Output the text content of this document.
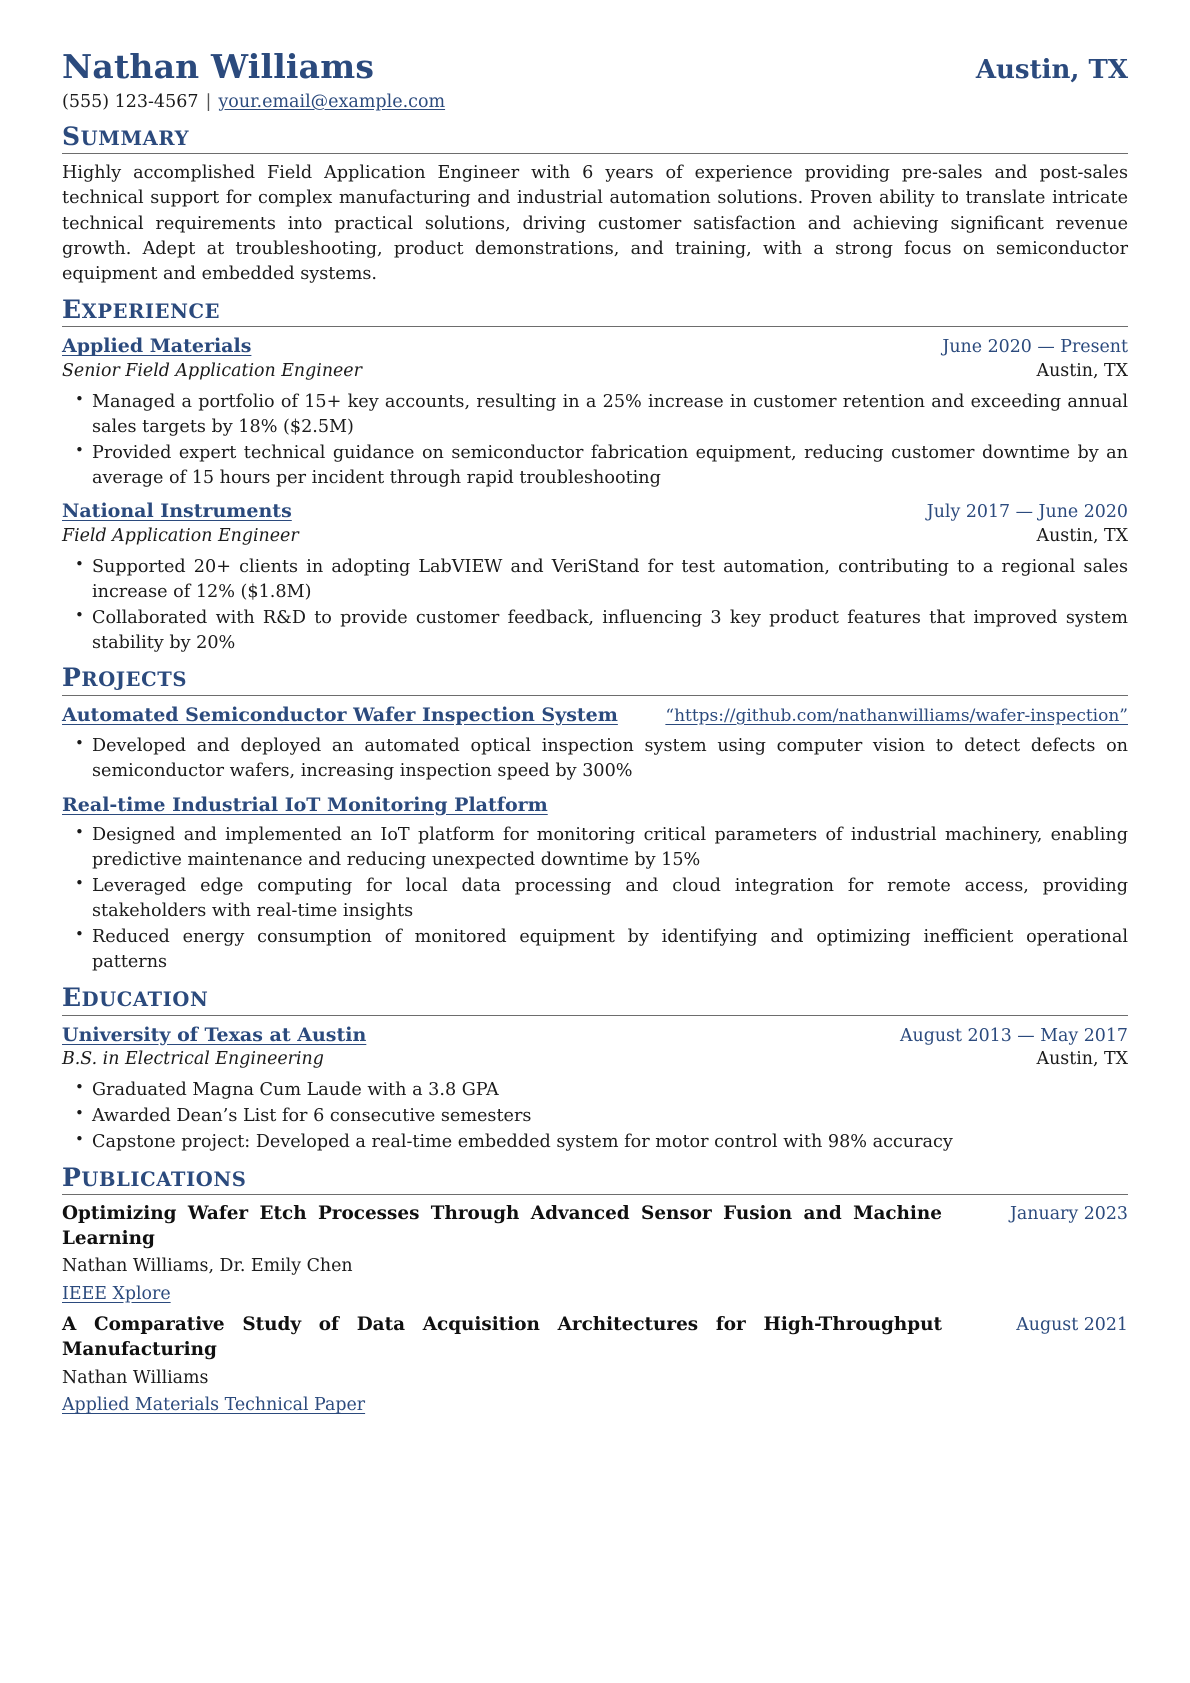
Nathan Williams	Austin, TX
(555) 123-4567 | your.email@example.com
SUMMARY

Highly accomplished Field Application Engineer with 6 years of experience providing pre-sales and post-sales technical support for complex manufacturing and industrial automation solutions. Proven ability to translate intricate technical requirements into practical solutions, driving customer satisfaction and achieving significant revenue growth. Adept at troubleshooting, product demonstrations, and training, with a strong focus on semiconductor equipment and embedded systems.

EXPERIENCE
Applied Materials	June 2020 — Present
Senior Field Application Engineer	Austin, TX
• Managed a portfolio of 15+ key accounts, resulting in a 25% increase in customer retention and exceeding annual sales targets by 18% ($2.5M)
• Provided expert technical guidance on semiconductor fabrication equipment, reducing customer downtime by an average of 15 hours per incident through rapid troubleshooting
National Instruments	July 2017 — June 2020
Field Application Engineer	Austin, TX
• Supported 20+ clients in adopting LabVIEW and VeriStand for test automation, contributing to a regional sales increase of 12% ($1.8M)
• Collaborated with R&D to provide customer feedback, influencing 3 key product features that improved system stability by 20%
PROJECTS
Automated Semiconductor Wafer Inspection System	“https://github.com/nathanwilliams/wafer-inspection”
• Developed and deployed an automated optical inspection system using computer vision to detect defects on semiconductor wafers, increasing inspection speed by 300%
Real-time Industrial IoT Monitoring Platform
• Designed and implemented an IoT platform for monitoring critical parameters of industrial machinery, enabling predictive maintenance and reducing unexpected downtime by 15%
• Leveraged edge computing for local data processing and cloud integration for remote access, providing stakeholders with real-time insights
• Reduced energy consumption of monitored equipment by identifying and optimizing inefficient operational patterns
EDUCATION
University of Texas at Austin	August 2013 — May 2017
B.S. in Electrical Engineering	Austin, TX
• Graduated Magna Cum Laude with a 3.8 GPA
• Awarded Dean’s List for 6 consecutive semesters
• Capstone project: Developed a real-time embedded system for motor control with 98% accuracy
PUBLICATIONS
Optimizing Wafer Etch Processes Through Advanced Sensor Fusion and Machine Learning
January 2023
Nathan Williams, Dr. Emily Chen
IEEE Xplore
A Comparative Study of Data Acquisition Architectures for High-Throughput Manufacturing
August 2021
Nathan Williams
Applied Materials Technical Paper
